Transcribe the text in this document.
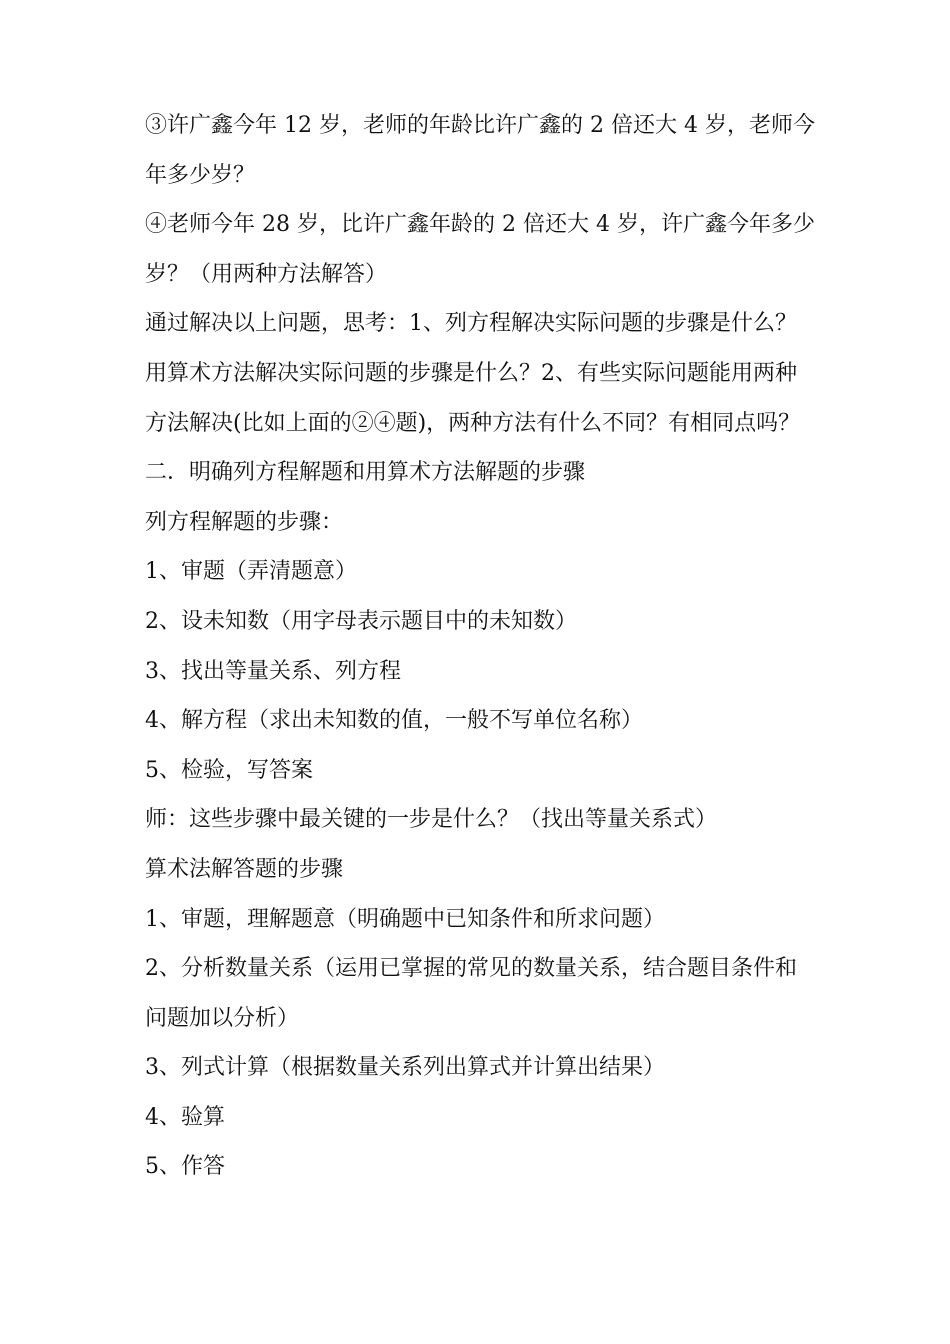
③许广鑫今年 12 岁，老师的年龄比许广鑫的 2 倍还大 4 岁，老师今年多少岁？

④老师今年 28 岁，比许广鑫年龄的 2 倍还大 4 岁，许广鑫今年多少岁？（用两种方法解答）

通过解决以上问题，思考：1、列方程解决实际问题的步骤是什么？用算术方法解决实际问题的步骤是什么？2、有些实际问题能用两种方法解决(比如上面的②④题)，两种方法有什么不同？有相同点吗？

二．明确列方程解题和用算术方法解题的步骤

列方程解题的步骤：

1、审题（弄清题意）

2、设未知数（用字母表示题目中的未知数）

3、找出等量关系、列方程

4、解方程（求出未知数的值，一般不写单位名称）

5、检验，写答案

师：这些步骤中最关键的一步是什么？（找出等量关系式）

算术法解答题的步骤

1、审题，理解题意（明确题中已知条件和所求问题）

2、分析数量关系（运用已掌握的常见的数量关系，结合题目条件和问题加以分析）

3、列式计算（根据数量关系列出算式并计算出结果）

4、验算

5、作答
